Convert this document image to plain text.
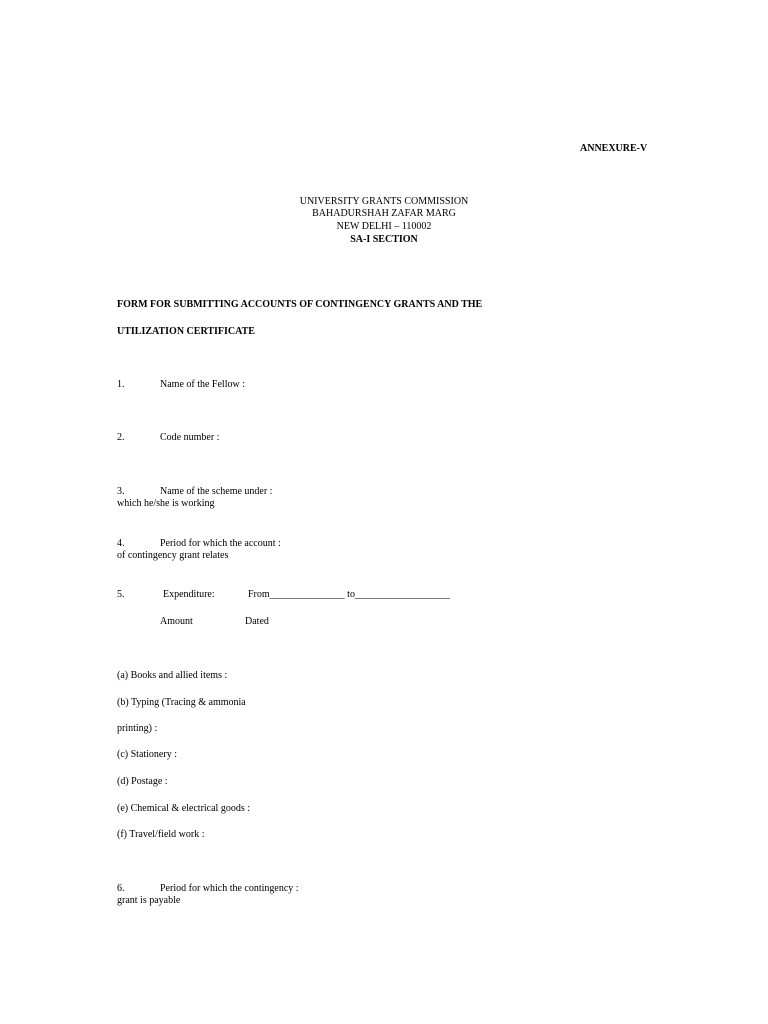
ANNEXURE-V
UNIVERSITY GRANTS COMMISSION
BAHADURSHAH ZAFAR MARG
NEW DELHI – 110002
SA-I SECTION
FORM FOR SUBMITTING ACCOUNTS OF CONTINGENCY GRANTS AND THE
UTILIZATION CERTIFICATE
1.	Name of the Fellow :
2.	Code number :
3.	Name of the scheme under :
which he/she is working
4.	Period for which the account :
of contingency grant relates
5.	Expenditure:	From_______________ to___________________
Amount	Dated
(a) Books and allied items :
(b) Typing (Tracing & ammonia
printing) :
(c) Stationery :
(d) Postage :
(e) Chemical & electrical goods :
(f) Travel/field work :
6.	Period for which the contingency :
grant is payable
